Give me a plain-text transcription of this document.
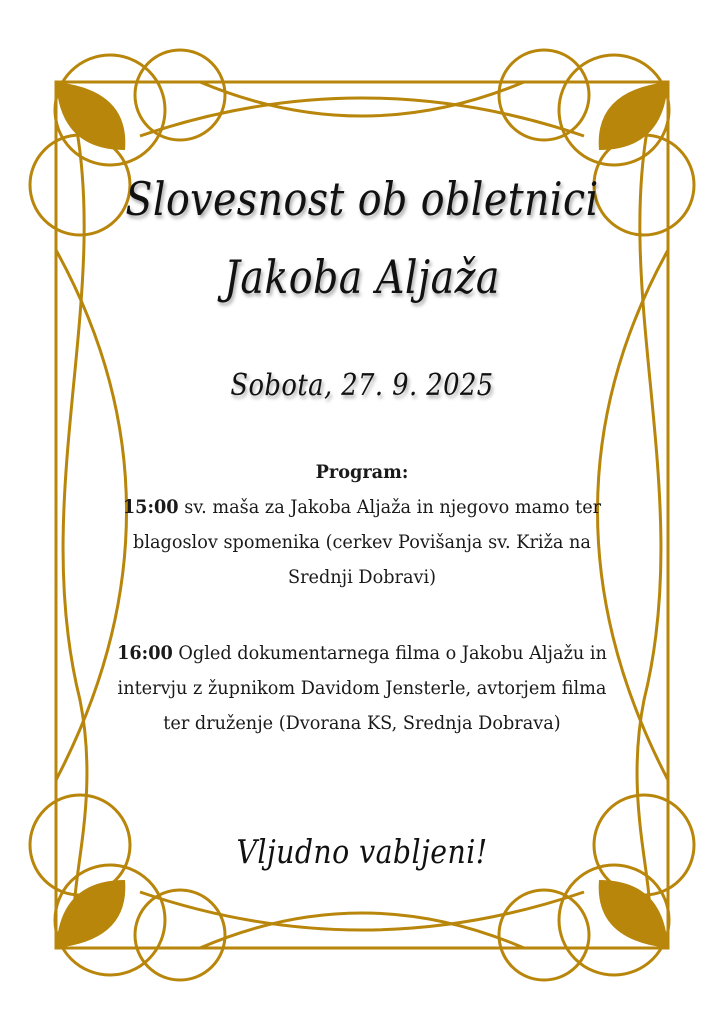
Slovesnost ob obletnici
Jakoba Aljaža
Sobota, 27. 9. 2025
Program:
15:00 sv. maša za Jakoba Aljaža in njegovo mamo ter blagoslov spomenika (cerkev Povišanja sv. Križa na Srednji Dobravi)
16:00 Ogled dokumentarnega filma o Jakobu Aljažu in intervju z župnikom Davidom Jensterle, avtorjem filma ter druženje (Dvorana KS, Srednja Dobrava)
Vljudno vabljeni!
